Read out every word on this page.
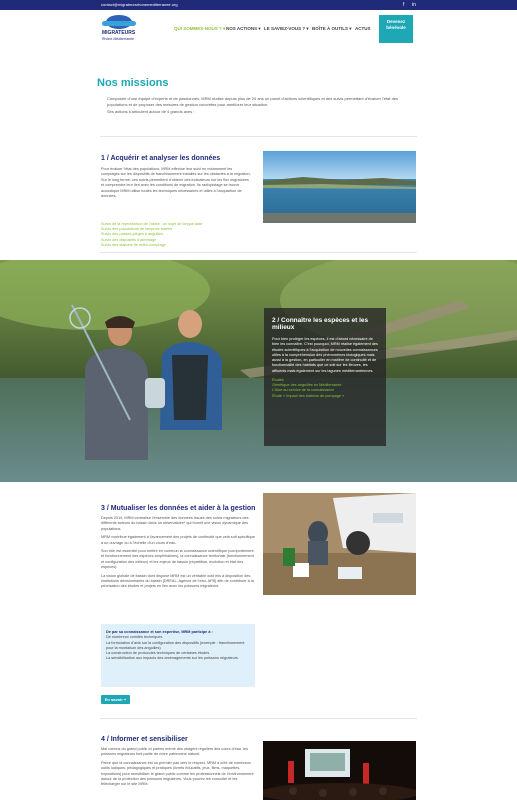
contact@migrateursrhonemediterranee.org	f in
MIGRATEURS
Rhône-Méditerranée
QUI SOMMES-NOUS ? ▾ NOS ACTIONS ▾ LE SAVIEZ-VOUS ? ▾ BOÎTE À OUTILS ▾ ACTUS
Devenez bénévole
Nos missions

Composée d’une équipe d’experts et de passionnés, MRM réalise depuis plus de 20 ans un panel d’actions scientifiques et des suivis permettant d’évaluer l’état des populations et de proposer des mesures de gestion concrètes pour améliorer leur situation.

Ses actions s’articulent autour de 4 grands axes :

1 / Acquérir et analyser les données

Pour évaluer l’état des populations, MRM effectue leur suivi en notamment les comptages sur les dispositifs de franchissement installés sur les obstacles à la migration. Sur le long terme, ces suivis permettent d’obtenir des indicateurs sur les flux migratoires et comprendre leur lien avec les conditions de migration. Ils radiopistage se trouve acoustique MRM utilise toutes les techniques nécessaires et utiles à l’acquisition de données.

Suivis de la reproduction de l’alose : un sujet de longue date
Suivis des populations de lamproie marine
Suivis des passes-pièges à anguilles
Suivis des dispositifs d’alevinage
Suivis des stations de vidéo-comptage
2 / Connaître les espèces et les milieux
Pour bien protéger les espèces, il est d’abord nécessaire de bien les connaître. C’est pourquoi, MRM réalise également des études scientifiques à l’acquisition de nouvelles connaissances utiles à la compréhension des phénomènes biologiques mais aussi à la gestion, en particulier en matière de continuité et de fonctionnalité des habitats que ce soit sur les fleuves, les affluents mais également sur les lagunes méditerranéennes.
Études
Génétique des anguilles en Méditerranée
L’Aloe au service de la connaissance
Étude « Impact des stations de pompage »
3 / Mutualiser les données et aider à la gestion

Depuis 2019, MRM centralise l’ensemble des données issues des suivis migrateurs des différents acteurs du bassin dans un observatoire* qui fournit une vision dynamique des populations.

MRM contribue également à l’avancement des projets de continuité que cela soit spécifique à un ouvrage ou à l’échelle d’un cours d’eau.

Son rôle est essentiel pour mettre en commun la connaissance scientifique (comportement et fonctionnement des espèces amphihalines), la connaissance territoriale (fonctionnement et configuration des milieux) et les enjeux de bassin (répartition, évolution et état des espèces).

La vision globale de bassin dont dispose MRM est un véritable outil mis à disposition des institutions décisionnaires du bassin (DREAL, Agence de l’eau, AFB) afin de contribuer à la priorisation des études et projets en lien avec les poissons migrateurs.

De par sa connaissance et son expertise, MRM participe à :
De nombreux comités techniques
La formulation d’avis sur la configuration des dispositifs (exemple : franchissement pour la montaison des anguilles)
La construction de protocoles techniques de certaines études
La sensibilisation aux impacts des aménagements sur les poissons migrateurs
En savoir +
4 / Informer et sensibiliser

Mal connus du grand public et parfois même des usagers réguliers des cours d’eau, les poissons migrateurs font partie de notre patrimoine naturel.

Parce que la connaissance est un premier pas vers le respect, MRM a créé de nombreux outils ludiques, pédagogiques et pratiques (livrets éducatifs, jeux, films, maquettes, expositions) pour sensibiliser le grand public comme les professionnels de l’environnement autour de la protection des poissons migrateurs. Vous pouvez les consulter et les télécharger sur le site MRM.
